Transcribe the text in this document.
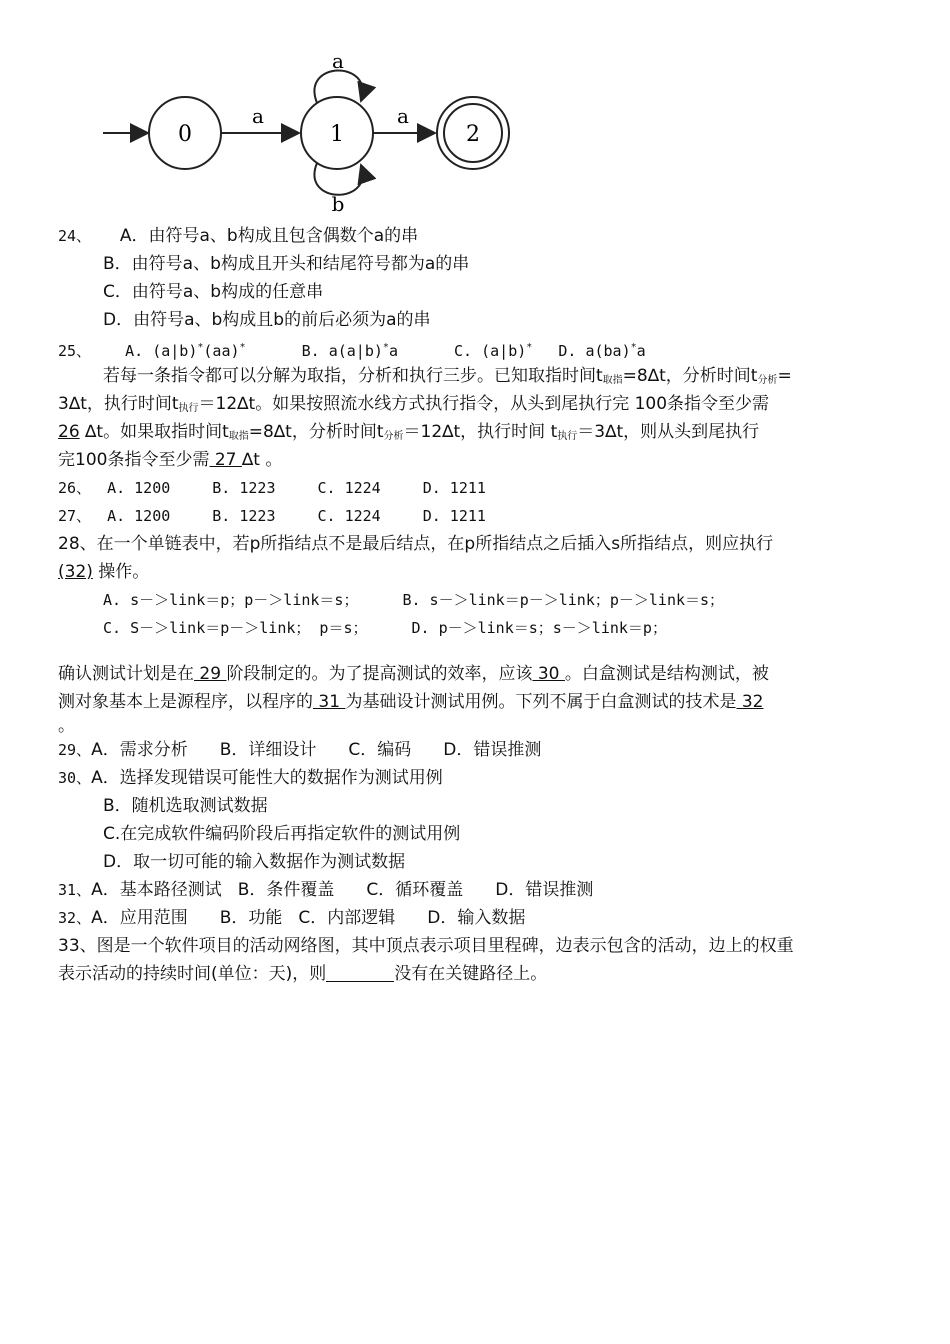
0
a
1
a
b
a
2
24、 A．由符号a、b构成且包含偶数个a的串
B．由符号a、b构成且开头和结尾符号都为a的串
C．由符号a、b构成的任意串
D．由符号a、b构成且b的前后必须为a的串
25、 A. (a|b)*(aa)*	B. a(a|b)*a	C. (a|b)* D. a(ba)*a
若每一条指令都可以分解为取指，分析和执行三步。已知取指时间$t_{取指}=8\Delta t$，分析时间$t_{分析}=$
3∆t，执行时间$t_{执行}=12\Delta t$。如果按照流水线方式执行指令，从头到尾执行完 100条指令至少需
26 ∆t。如果取指时间$t_{取指}=8\Delta t$，分析时间$t_{分析}=12\Delta t$，执行时间 $t_{执行}=3\Delta t$，则从头到尾执行
完100条指令至少需 27 ∆t 。
26、 A. 1200	B. 1223	C. 1224	D. 1211
27、 A. 1200	B. 1223	C. 1224	D. 1211
28、在一个单链表中，若p所指结点不是最后结点，在p所指结点之后插入s所指结点，则应执行
(32) 操作。
A. s－＞link＝p；p－＞link＝s；	B. s－＞link＝p－＞link；p－＞link＝s；
C. S－＞link＝p－＞link； p＝s；	D. p－＞link＝s；s－＞link＝p；
确认测试计划是在 29 阶段制定的。为了提高测试的效率，应该 30 。白盒测试是结构测试，被
测对象基本上是源程序，以程序的 31 为基础设计测试用例。下列不属于白盒测试的技术是 32
。
29、A．需求分析 B．详细设计 C．编码 D．错误推测
30、A．选择发现错误可能性大的数据作为测试用例
B．随机选取测试数据
C.在完成软件编码阶段后再指定软件的测试用例
D．取一切可能的输入数据作为测试数据
31、A．基本路径测试 B．条件覆盖 C．循环覆盖 D．错误推测
32、A．应用范围 B．功能 C．内部逻辑 D．输入数据
33、图是一个软件项目的活动网络图，其中顶点表示项目里程碑，边表示包含的活动，边上的权重
表示活动的持续时间(单位：天)，则	没有在关键路径上。
